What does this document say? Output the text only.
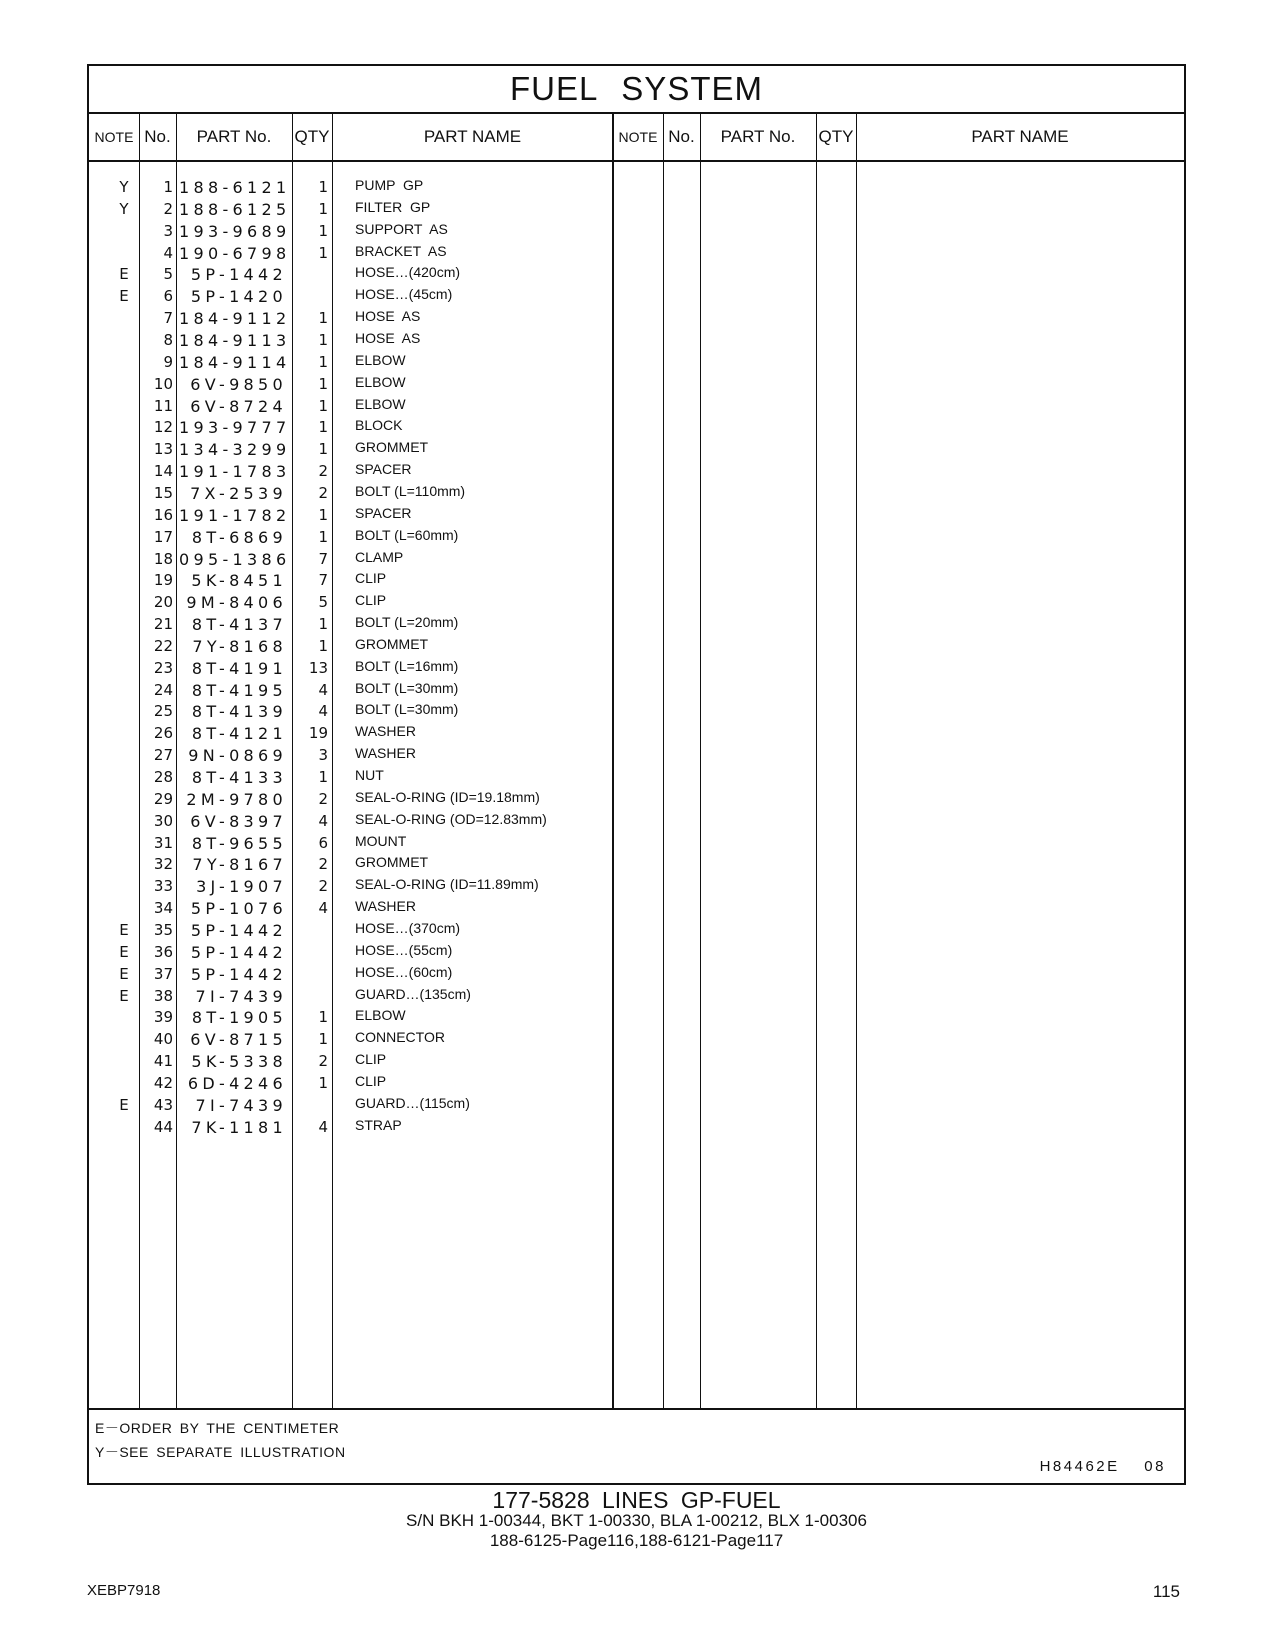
FUEL SYSTEM
NOTE No.	PART No.	QTY	PART NAME	NOTE No.	PART No.	QTY	PART NAME
Y	1 188-6121	1 PUMP  GP
Y	2 188-6125	1 FILTER  GP
3 193-9689	1 SUPPORT  AS
4 190-6798	1 BRACKET  AS
E	5	5P-1442	HOSE…(420cm)
E	6	5P-1420	HOSE…(45cm)
7 184-9112	1 HOSE  AS
8 184-9113	1 HOSE  AS
9 184-9114	1 ELBOW
10	6V-9850	1 ELBOW
11	6V-8724	1 ELBOW
12 193-9777	1 BLOCK
13 134-3299	1 GROMMET
14 191-1783	2 SPACER
15	7X-2539	2 BOLT (L=110mm)
16 191-1782	1 SPACER
17	8T-6869	1 BOLT (L=60mm)
18 095-1386	7 CLAMP
19	5K-8451	7 CLIP
20 9M-8406	5 CLIP
21	8T-4137	1 BOLT (L=20mm)
22	7Y-8168	1 GROMMET
23	8T-4191	13 BOLT (L=16mm)
24	8T-4195	4 BOLT (L=30mm)
25	8T-4139	4 BOLT (L=30mm)
26	8T-4121	19 WASHER
27 9N-0869	3 WASHER
28	8T-4133	1 NUT
29 2M-9780	2 SEAL-O-RING (ID=19.18mm)
30	6V-8397	4 SEAL-O-RING (OD=12.83mm)
31	8T-9655	6 MOUNT
32	7Y-8167	2 GROMMET
33	3J-1907	2 SEAL-O-RING (ID=11.89mm)
34	5P-1076	4 WASHER
E	35	5P-1442	HOSE…(370cm)
E	36	5P-1442	HOSE…(55cm)
E	37	5P-1442	HOSE…(60cm)
E	38	7I-7439	GUARD…(135cm)
39	8T-1905	1 ELBOW
40	6V-8715	1 CONNECTOR
41	5K-5338	2 CLIP
42 6D-4246	1 CLIP
E	43	7I-7439	GUARD…(115cm)
44	7K-1181	4 STRAP
E－ORDER BY THE CENTIMETER
Y－SEE SEPARATE ILLUSTRATION
H84462E 08
177-5828 LINES GP-FUEL
S/N BKH 1-00344, BKT 1-00330, BLA 1-00212, BLX 1-00306
188-6125-Page116,188-6121-Page117
XEBP7918	115
